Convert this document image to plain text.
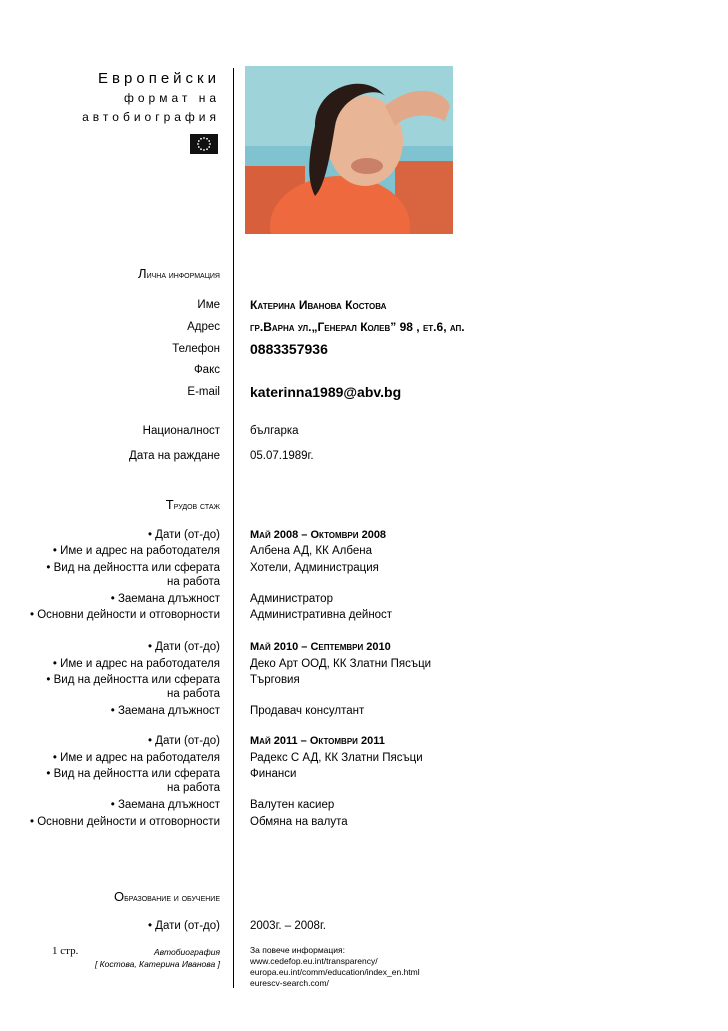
Европейски
формат на
автобиография
Лична информация
Име	Катерина Иванова Костова
Адрес	гр.Варна ул.„Генерал Колев” 98 , ет.6, ап.
Телефон 0883357936
Факс
E-mail katerinna1989@abv.bg
Националност	българка
Дата на раждане	05.07.1989г.
Трудов стаж
• Дати (от-до)	Май 2008 – Октомври 2008
• Име и адрес на работодателя	Албена АД, КК Албена
• Вид на дейността или сферата на работа
Хотели, Администрация
• Заемана длъжност	Администратор
• Основни дейности и отговорности	Административна дейност
• Дати (от-до)	Май 2010 – Септември 2010
• Име и адрес на работодателя	Деко Арт ООД, КК Златни Пясъци
• Вид на дейността или сферата на работа
Търговия
• Заемана длъжност	Продавач консултант
• Дати (от-до)	Май 2011 – Октомври 2011
• Име и адрес на работодателя	Радекс С АД, КК Златни Пясъци
• Вид на дейността или сферата на работа
Финанси
• Заемана длъжност	Валутен касиер
• Основни дейности и отговорности	Обмяна на валута
Образование и обучение
• Дати (от-до)	2003г. – 2008г.
1 стр.	Автобиография
[ Костова, Катерина Иванова ]
За повече информация:
www.cedefop.eu.int/transparency/
europa.eu.int/comm/education/index_en.html
eurescv-search.com/
